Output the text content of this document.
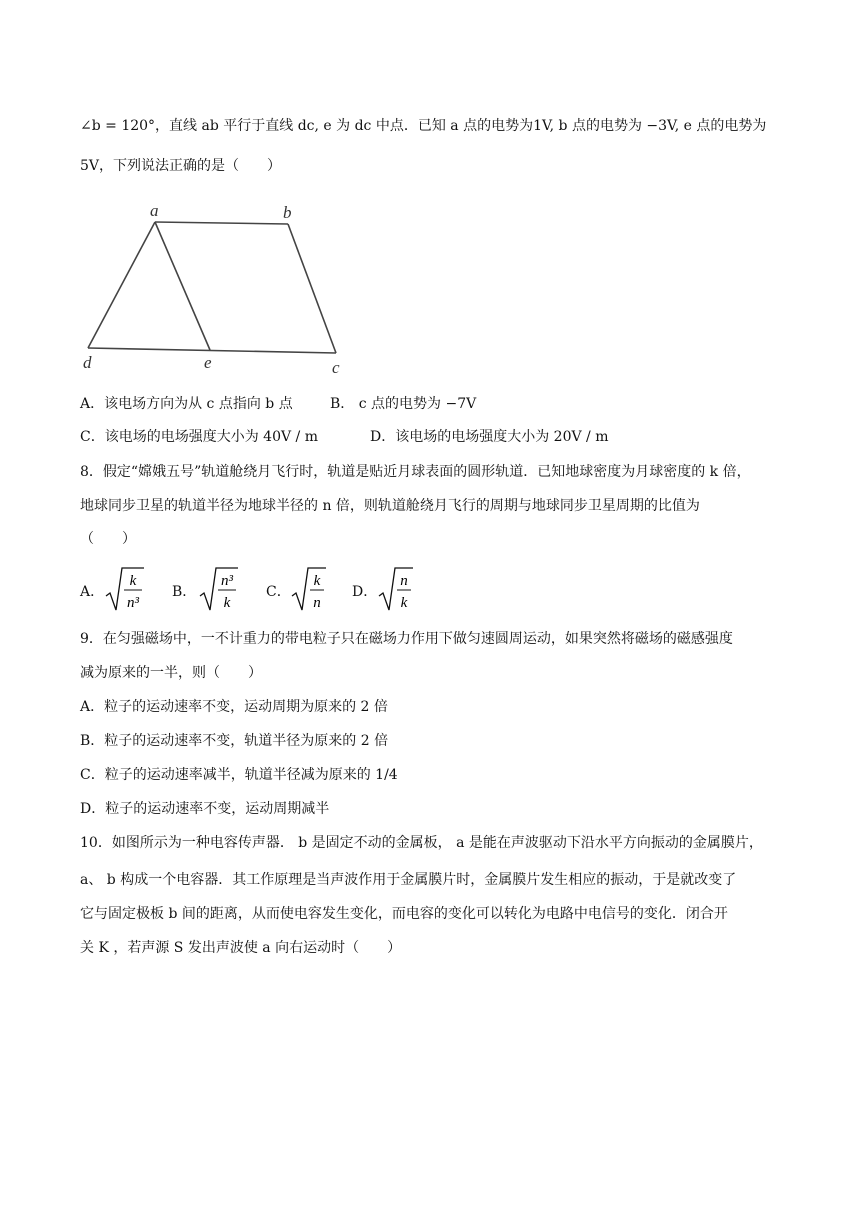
∠b = 120°，直线 ab 平行于直线 dc, e 为 dc 中点．已知 a 点的电势为1V, b 点的电势为 −3V, e 点的电势为
5V，下列说法正确的是（　　）
a	b
d	e	c
A．该电场方向为从 c 点指向 b 点	B． c 点的电势为 −7V
C．该电场的电场强度大小为 40V / m	D．该电场的电场强度大小为 20V / m
8．假定“嫦娥五号”轨道舱绕月飞行时，轨道是贴近月球表面的圆形轨道．已知地球密度为月球密度的 k 倍，
地球同步卫星的轨道半径为地球半径的 n 倍，则轨道舱绕月飞行的周期与地球同步卫星周期的比值为
（　　）
A．
k
n³
B．
n³
k
C．
k
n
D．
n
k
9．在匀强磁场中，一不计重力的带电粒子只在磁场力作用下做匀速圆周运动，如果突然将磁场的磁感强度
减为原来的一半，则（　　）
A．粒子的运动速率不变，运动周期为原来的 2 倍
B．粒子的运动速率不变，轨道半径为原来的 2 倍
C．粒子的运动速率减半，轨道半径减为原来的 1/4
D．粒子的运动速率不变，运动周期减半
10．如图所示为一种电容传声器． b 是固定不动的金属板， a 是能在声波驱动下沿水平方向振动的金属膜片，
a、 b 构成一个电容器．其工作原理是当声波作用于金属膜片时，金属膜片发生相应的振动，于是就改变了
它与固定极板 b 间的距离，从而使电容发生变化，而电容的变化可以转化为电路中电信号的变化．闭合开
关 K ，若声源 S 发出声波使 a 向右运动时（　　）
